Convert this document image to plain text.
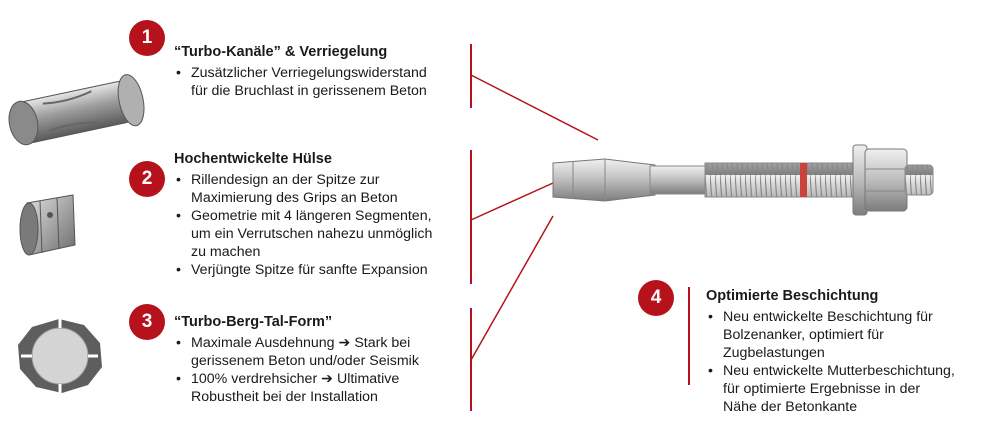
1
“Turbo-Kanäle” & Verriegelung
• Zusätzlicher Verriegelungswiderstand
für die Bruchlast in gerissenem Beton
2
Hochentwickelte Hülse
• Rillendesign an der Spitze zur
Maximierung des Grips an Beton
• Geometrie mit 4 längeren Segmenten,
um ein Verrutschen nahezu unmöglich
zu machen
• Verjüngte Spitze für sanfte Expansion
3	“Turbo-Berg-Tal-Form”
• Maximale Ausdehnung ➔ Stark bei
gerissenem Beton und/oder Seismik
• 100% verdrehsicher ➔ Ultimative
Robustheit bei der Installation
4	Optimierte Beschichtung
• Neu entwickelte Beschichtung für
Bolzenanker, optimiert für
Zugbelastungen
• Neu entwickelte Mutterbeschichtung,
für optimierte Ergebnisse in der
Nähe der Betonkante
